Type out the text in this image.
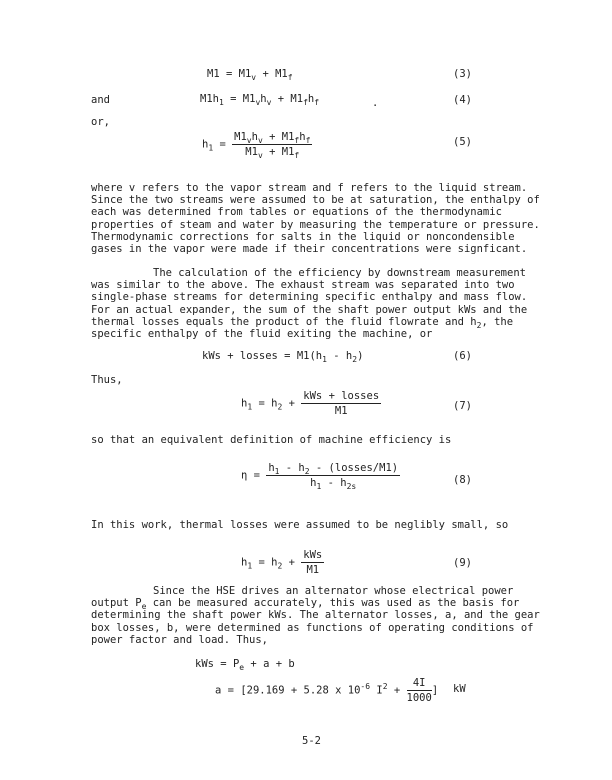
$M1 = M1_v + M1_f$	(3)
and	$M1h_1 = M1_vh_v + M1_fh_f$	.	(4)
or,
$h_1 = \frac{M1_vh_v + M1_fh_f}{M1_v + M1_f}$	(5)
where v refers to the vapor stream and f refers to the liquid stream.
Since the two streams were assumed to be at saturation, the enthalpy of
each was determined from tables or equations of the thermodynamic
properties of steam and water by measuring the temperature or pressure.
Thermodynamic corrections for salts in the liquid or noncondensible
gases in the vapor were made if their concentrations were signficant.
The calculation of the efficiency by downstream measurement
was similar to the above. The exhaust stream was separated into two
single-phase streams for determining specific enthalpy and mass flow.
For an actual expander, the sum of the shaft power output kWs and the
thermal losses equals the product of the fluid flowrate and $h_2$, the
specific enthalpy of the fluid exiting the machine, or
kWs + losses = $M1(h_1 - h_2)$	(6)
Thus,
$h_1 = h_2 + \frac{\text{kWs + losses}}{M1}$	(7)
so that an equivalent definition of machine efficiency is
$\eta = \frac{h_1 - h_2 - (losses/M1)}{h_1 - h_{2s}}$	(8)
In this work, thermal losses were assumed to be neglibly small, so
$h_1 = h_2 + \frac{\text{kWs}}{M1}$	(9)
Since the HSE drives an alternator whose electrical power
output $P_e$ can be measured accurately, this was used as the basis for
determining the shaft power kWs. The alternator losses, a, and the gear
box losses, b, were determined as functions of operating conditions of
power factor and load. Thus,
kWs = $P_e + a + b$
a = [29.169 + 5.28 x $10^{-6}$ $I^2 + \frac{4I}{1000}$ ] kW
5-2
